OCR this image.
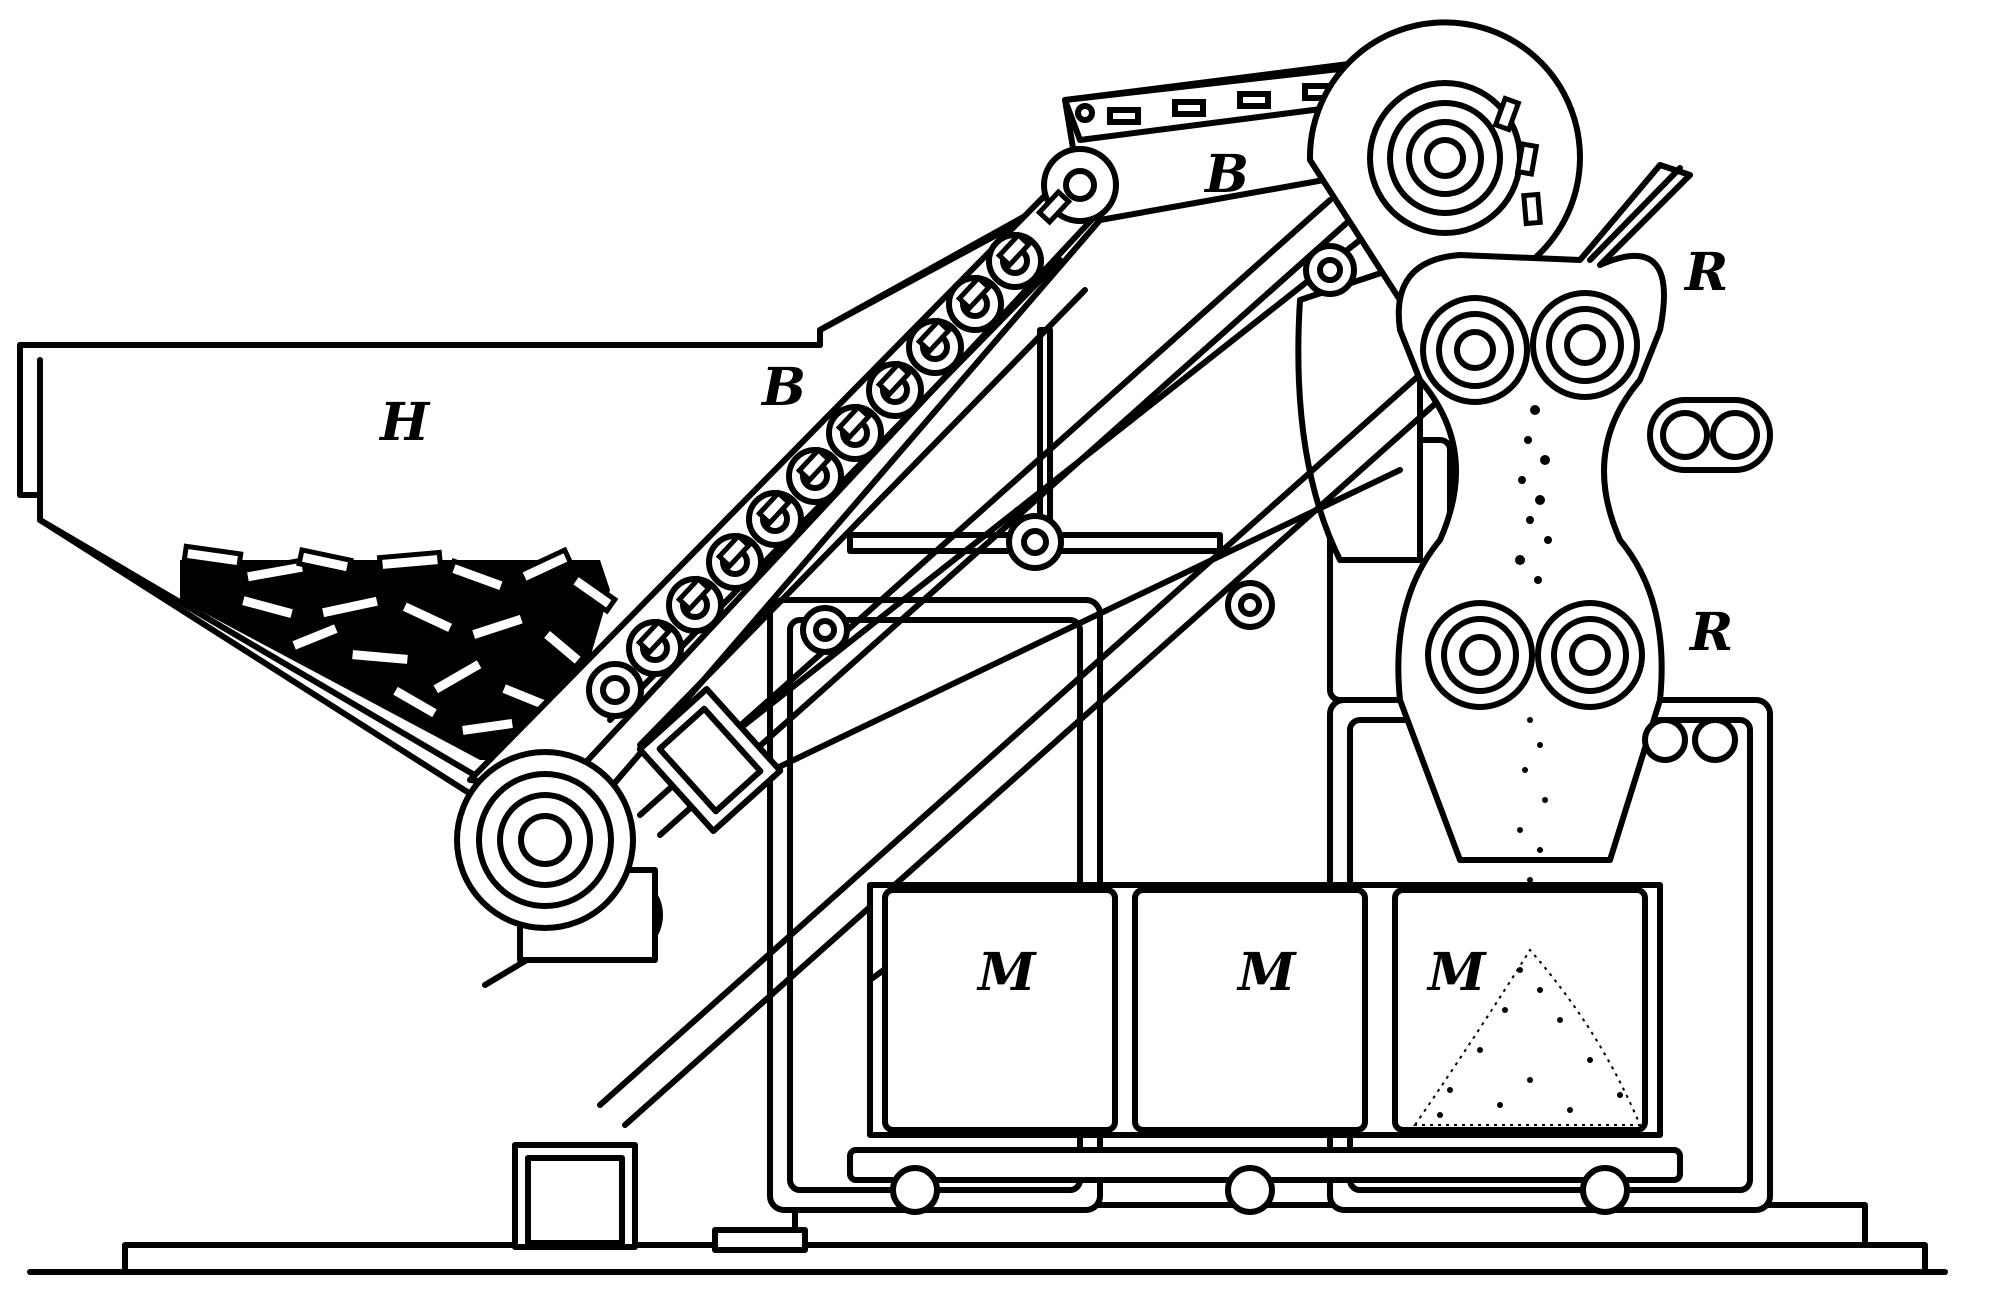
H
B
B
R
R
M	M	M
